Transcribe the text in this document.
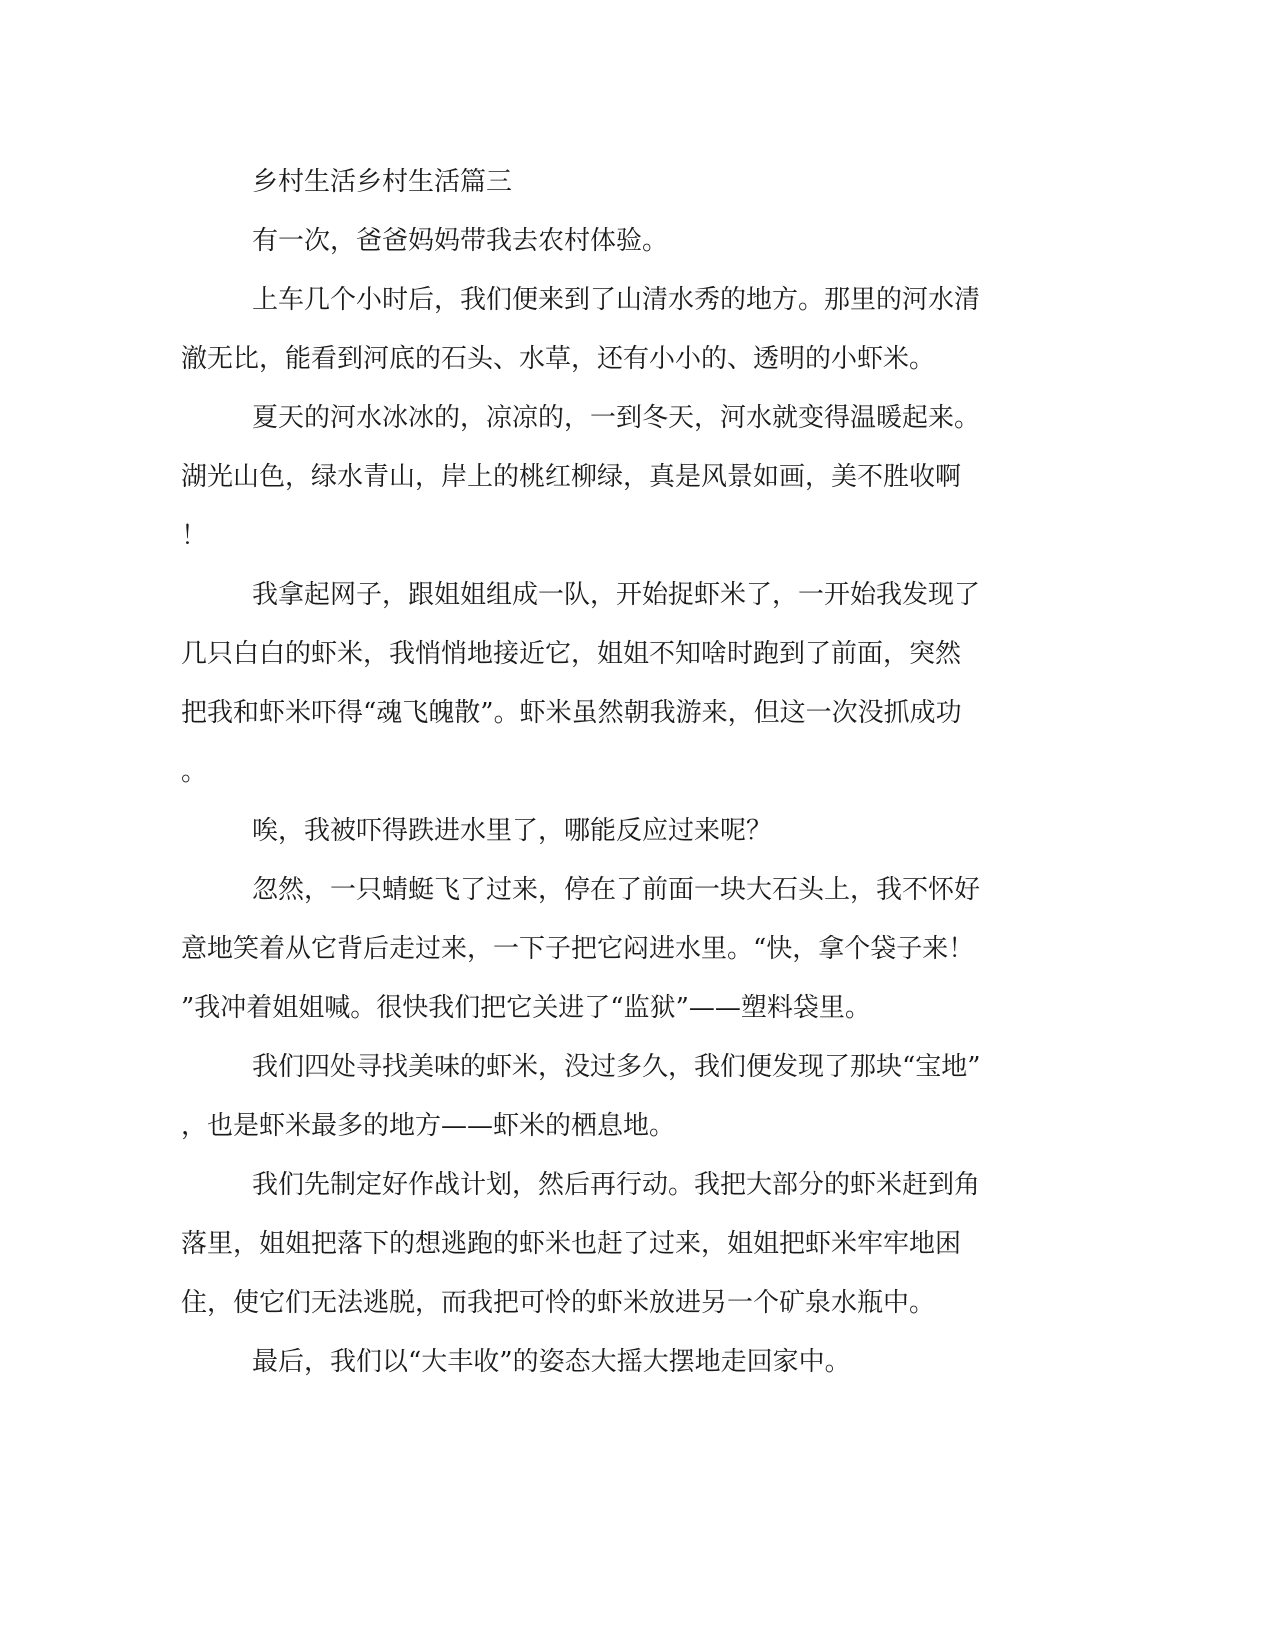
乡村生活乡村生活篇三

有一次，爸爸妈妈带我去农村体验。

上车几个小时后，我们便来到了山清水秀的地方。那里的河水清

澈无比，能看到河底的石头、水草，还有小小的、透明的小虾米。

夏天的河水冰冰的，凉凉的，一到冬天，河水就变得温暖起来。

湖光山色，绿水青山，岸上的桃红柳绿，真是风景如画，美不胜收啊

！

我拿起网子，跟姐姐组成一队，开始捉虾米了，一开始我发现了

几只白白的虾米，我悄悄地接近它，姐姐不知啥时跑到了前面，突然

把我和虾米吓得“魂飞魄散”。虾米虽然朝我游来，但这一次没抓成功

。

唉，我被吓得跌进水里了，哪能反应过来呢？

忽然，一只蜻蜓飞了过来，停在了前面一块大石头上，我不怀好

意地笑着从它背后走过来，一下子把它闷进水里。“快，拿个袋子来！

”我冲着姐姐喊。很快我们把它关进了“监狱”——塑料袋里。

我们四处寻找美味的虾米，没过多久，我们便发现了那块“宝地”

，也是虾米最多的地方——虾米的栖息地。

我们先制定好作战计划，然后再行动。我把大部分的虾米赶到角

落里，姐姐把落下的想逃跑的虾米也赶了过来，姐姐把虾米牢牢地困

住，使它们无法逃脱，而我把可怜的虾米放进另一个矿泉水瓶中。

最后，我们以“大丰收”的姿态大摇大摆地走回家中。
